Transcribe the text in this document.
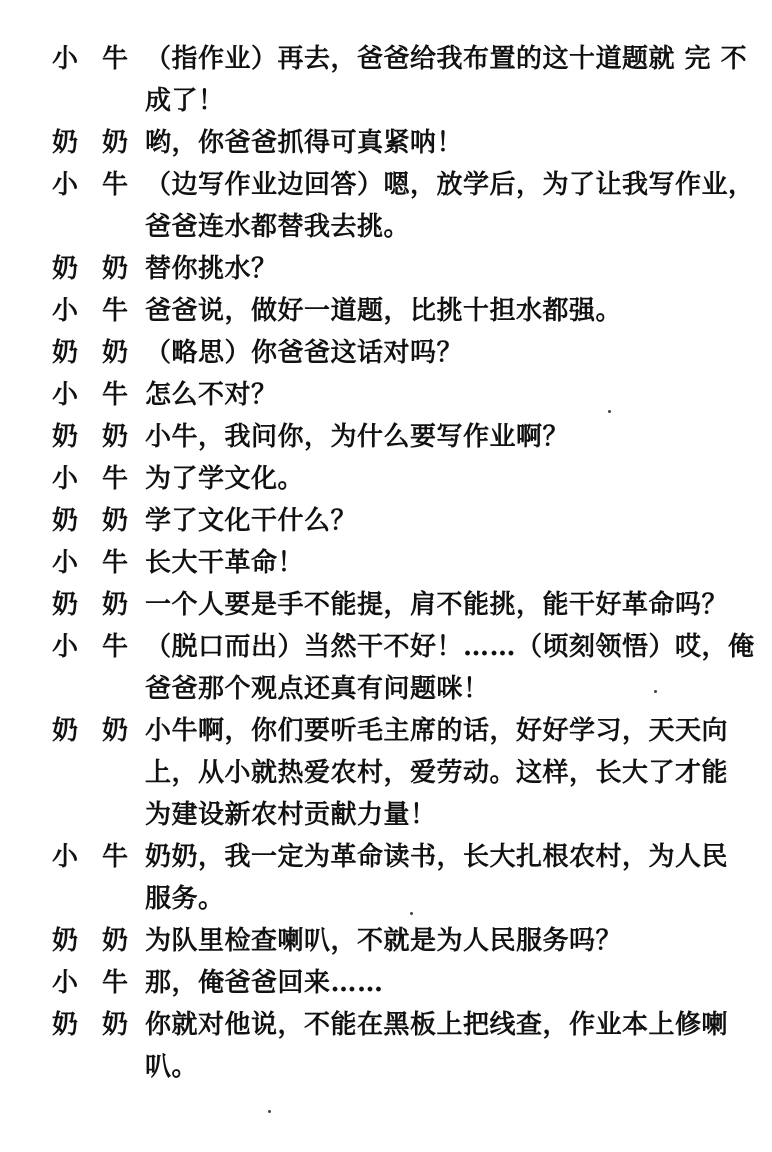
小 牛 （指作业）再去，爸爸给我布置的这十道题就 完 不
成了！
奶 奶 哟，你爸爸抓得可真紧呐！
小 牛 （边写作业边回答）嗯，放学后，为了让我写作业，
爸爸连水都替我去挑。
奶 奶 替你挑水？
小 牛 爸爸说，做好一道题，比挑十担水都强。
奶 奶 （略思）你爸爸这话对吗？
小 牛 怎么不对？
奶 奶 小牛，我问你，为什么要写作业啊？
小 牛 为了学文化。
奶 奶 学了文化干什么？
小 牛 长大干革命！
奶 奶 一个人要是手不能提，肩不能挑，能干好革命吗？
小 牛 （脱口而出）当然干不好！……（顷刻领悟）哎，俺
爸爸那个观点还真有问题咪！
奶 奶 小牛啊，你们要听毛主席的话，好好学习，天天向
上，从小就热爱农村，爱劳动。这样，长大了才能
为建设新农村贡献力量！
小 牛 奶奶，我一定为革命读书，长大扎根农村，为人民
服务。
奶 奶 为队里检查喇叭，不就是为人民服务吗？
小 牛 那，俺爸爸回来……
奶 奶 你就对他说，不能在黑板上把线查，作业本上修喇
叭。
